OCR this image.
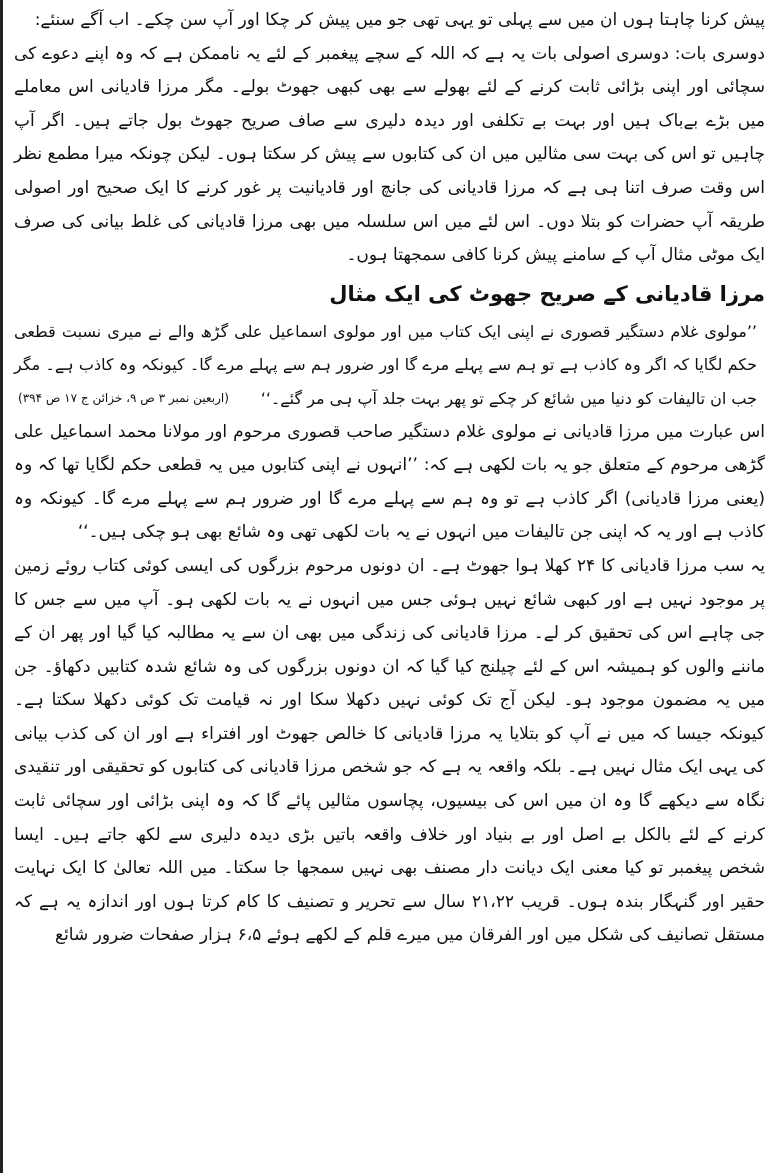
پیش کرنا چاہتا ہوں ان میں سے پہلی تو یہی تھی جو میں پیش کر چکا اور آپ سن چکے۔ اب آگے سنئے:

دوسری بات: دوسری اصولی بات یہ ہے کہ اللہ کے سچے پیغمبر کے لئے یہ ناممکن ہے کہ وہ اپنے دعوے کی سچائی اور اپنی بڑائی ثابت کرنے کے لئے بھولے سے بھی کبھی جھوٹ بولے۔ مگر مرزا قادیانی اس معاملے میں بڑے بےباک ہیں اور بہت بے تکلفی اور دیدہ دلیری سے صاف صریح جھوٹ بول جاتے ہیں۔ اگر آپ چاہیں تو اس کی بہت سی مثالیں میں ان کی کتابوں سے پیش کر سکتا ہوں۔ لیکن چونکہ میرا مطمع نظر اس وقت صرف اتنا ہی ہے کہ مرزا قادیانی کی جانچ اور قادیانیت پر غور کرنے کا ایک صحیح اور اصولی طریقہ آپ حضرات کو بتلا دوں۔ اس لئے میں اس سلسلہ میں بھی مرزا قادیانی کی غلط بیانی کی صرف ایک موٹی مثال آپ کے سامنے پیش کرنا کافی سمجھتا ہوں۔

مرزا قادیانی کے صریح جھوٹ کی ایک مثال

’’مولوی غلام دستگیر قصوری نے اپنی ایک کتاب میں اور مولوی اسماعیل علی گڑھ والے نے میری نسبت قطعی حکم لگایا کہ اگر وہ کاذب ہے تو ہم سے پہلے مرے گا اور ضرور ہم سے پہلے مرے گا۔ کیونکہ وہ کاذب ہے۔ مگر جب ان تالیفات کو دنیا میں شائع کر چکے تو پھر بہت جلد آپ ہی مر گئے۔‘‘
(اربعین نمبر ۳ ص ۹، خزائن ج ۱۷ ص ۳۹۴)

اس عبارت میں مرزا قادیانی نے مولوی غلام دستگیر صاحب قصوری مرحوم اور مولانا محمد اسماعیل علی گڑھی مرحوم کے متعلق جو یہ بات لکھی ہے کہ: ’’انہوں نے اپنی کتابوں میں یہ قطعی حکم لگایا تھا کہ وہ (یعنی مرزا قادیانی) اگر کاذب ہے تو وہ ہم سے پہلے مرے گا اور ضرور ہم سے پہلے مرے گا۔ کیونکہ وہ کاذب ہے اور یہ کہ اپنی جن تالیفات میں انہوں نے یہ بات لکھی تھی وہ شائع بھی ہو چکی ہیں۔‘‘

یہ سب مرزا قادیانی کا ۲۴ کھلا ہوا جھوٹ ہے۔ ان دونوں مرحوم بزرگوں کی ایسی کوئی کتاب روئے زمین پر موجود نہیں ہے اور کبھی شائع نہیں ہوئی جس میں انہوں نے یہ بات لکھی ہو۔ آپ میں سے جس کا جی چاہے اس کی تحقیق کر لے۔ مرزا قادیانی کی زندگی میں بھی ان سے یہ مطالبہ کیا گیا اور پھر ان کے ماننے والوں کو ہمیشہ اس کے لئے چیلنج کیا گیا کہ ان دونوں بزرگوں کی وہ شائع شدہ کتابیں دکھاؤ۔ جن میں یہ مضمون موجود ہو۔ لیکن آج تک کوئی نہیں دکھلا سکا اور نہ قیامت تک کوئی دکھلا سکتا ہے۔ کیونکہ جیسا کہ میں نے آپ کو بتلایا یہ مرزا قادیانی کا خالص جھوٹ اور افتراء ہے اور ان کی کذب بیانی کی یہی ایک مثال نہیں ہے۔ بلکہ واقعہ یہ ہے کہ جو شخص مرزا قادیانی کی کتابوں کو تحقیقی اور تنقیدی نگاہ سے دیکھے گا وہ ان میں اس کی بیسیوں، پچاسوں مثالیں پائے گا کہ وہ اپنی بڑائی اور سچائی ثابت کرنے کے لئے بالکل بے اصل اور بے بنیاد اور خلاف واقعہ باتیں بڑی دیدہ دلیری سے لکھ جاتے ہیں۔ ایسا شخص پیغمبر تو کیا معنی ایک دیانت دار مصنف بھی نہیں سمجھا جا سکتا۔ میں اللہ تعالیٰ کا ایک نہایت حقیر اور گنہگار بندہ ہوں۔ قریب ۲۱،۲۲ سال سے تحریر و تصنیف کا کام کرتا ہوں اور اندازہ یہ ہے کہ مستقل تصانیف کی شکل میں اور الفرقان میں میرے قلم کے لکھے ہوئے ۶،۵ ہزار صفحات ضرور شائع
